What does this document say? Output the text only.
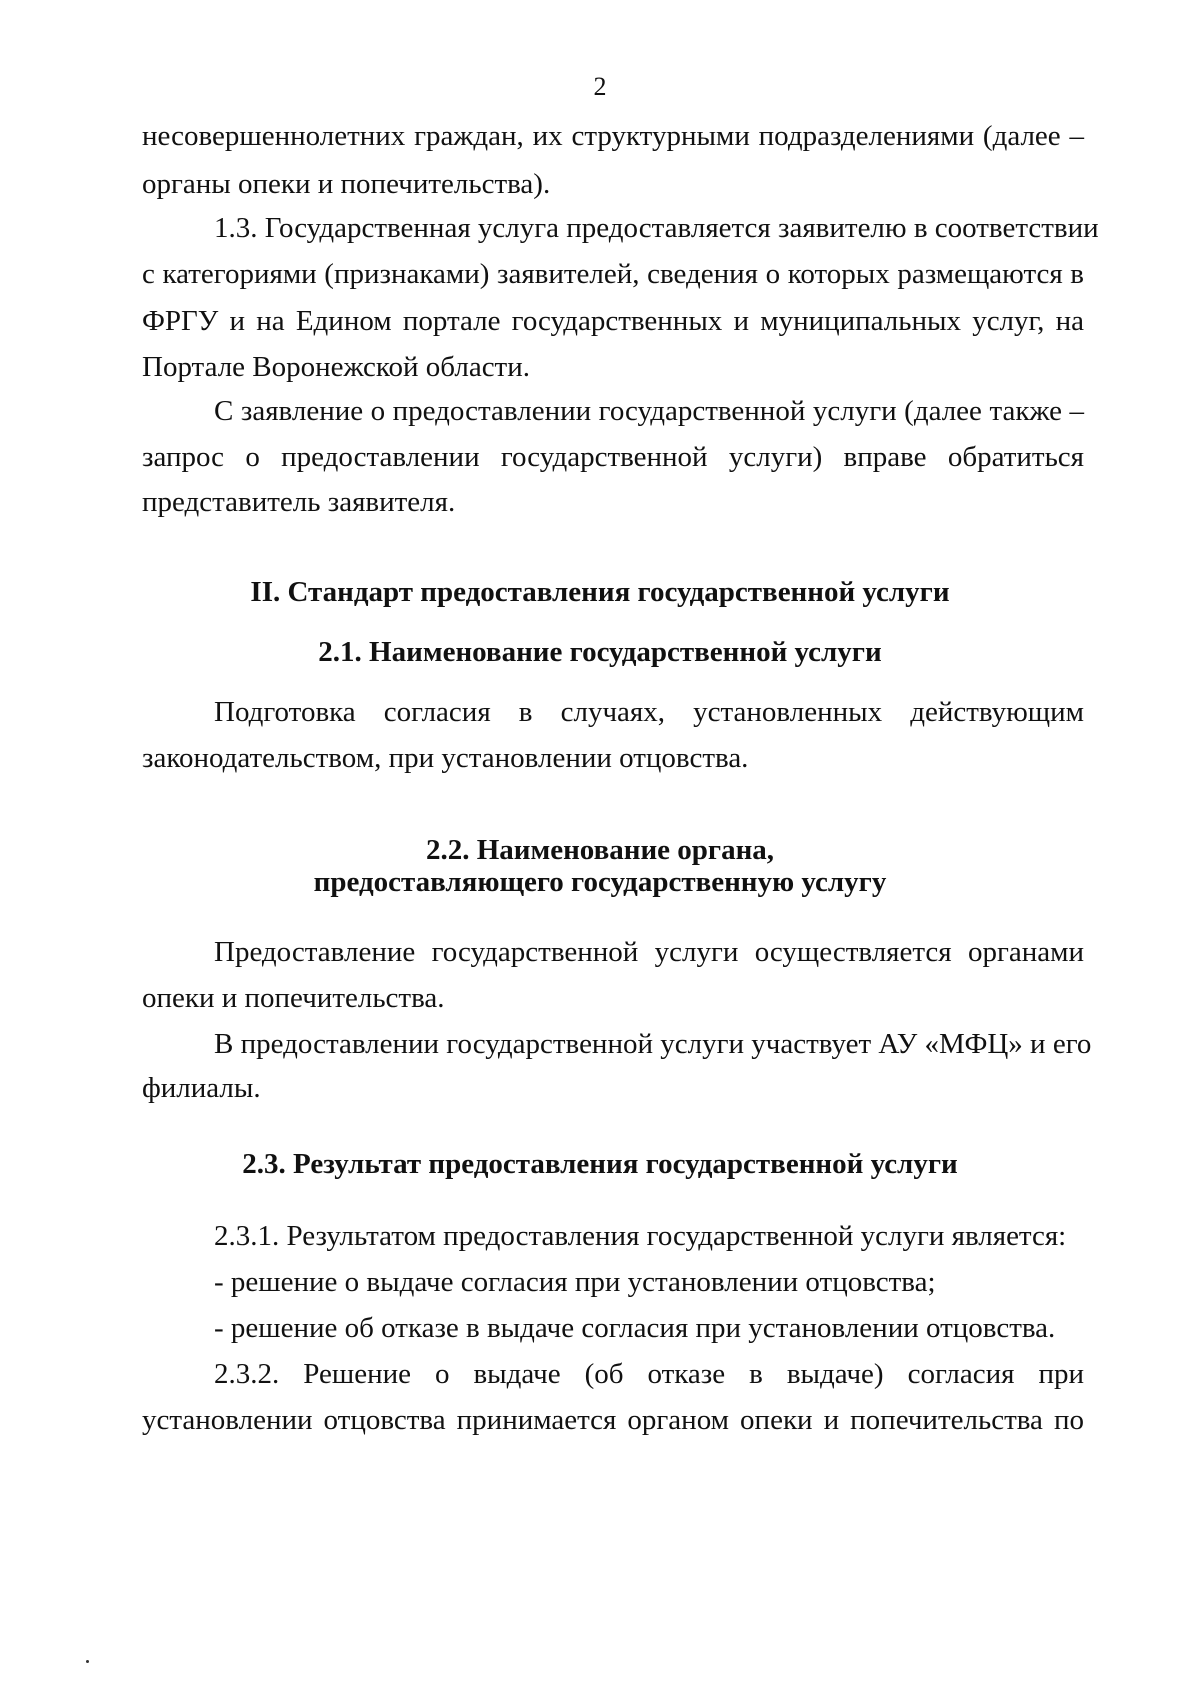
2
несовершеннолетних граждан, их структурными подразделениями (далее –
органы опеки и попечительства).
1.3. Государственная услуга предоставляется заявителю в соответствии
с категориями (признаками) заявителей, сведения о которых размещаются в
ФРГУ и на Едином портале государственных и муниципальных услуг, на
Портале Воронежской области.
С заявление о предоставлении государственной услуги (далее также –
запрос о предоставлении государственной услуги) вправе обратиться
представитель заявителя.
II. Стандарт предоставления государственной услуги
2.1. Наименование государственной услуги
Подготовка согласия в случаях, установленных действующим
законодательством, при установлении отцовства.
2.2. Наименование органа,
предоставляющего государственную услугу
Предоставление государственной услуги осуществляется органами
опеки и попечительства.
В предоставлении государственной услуги участвует АУ «МФЦ» и его
филиалы.
2.3. Результат предоставления государственной услуги
2.3.1. Результатом предоставления государственной услуги является:
- решение о выдаче согласия при установлении отцовства;
- решение об отказе в выдаче согласия при установлении отцовства.
2.3.2. Решение о выдаче (об отказе в выдаче) согласия при
установлении отцовства принимается органом опеки и попечительства по
